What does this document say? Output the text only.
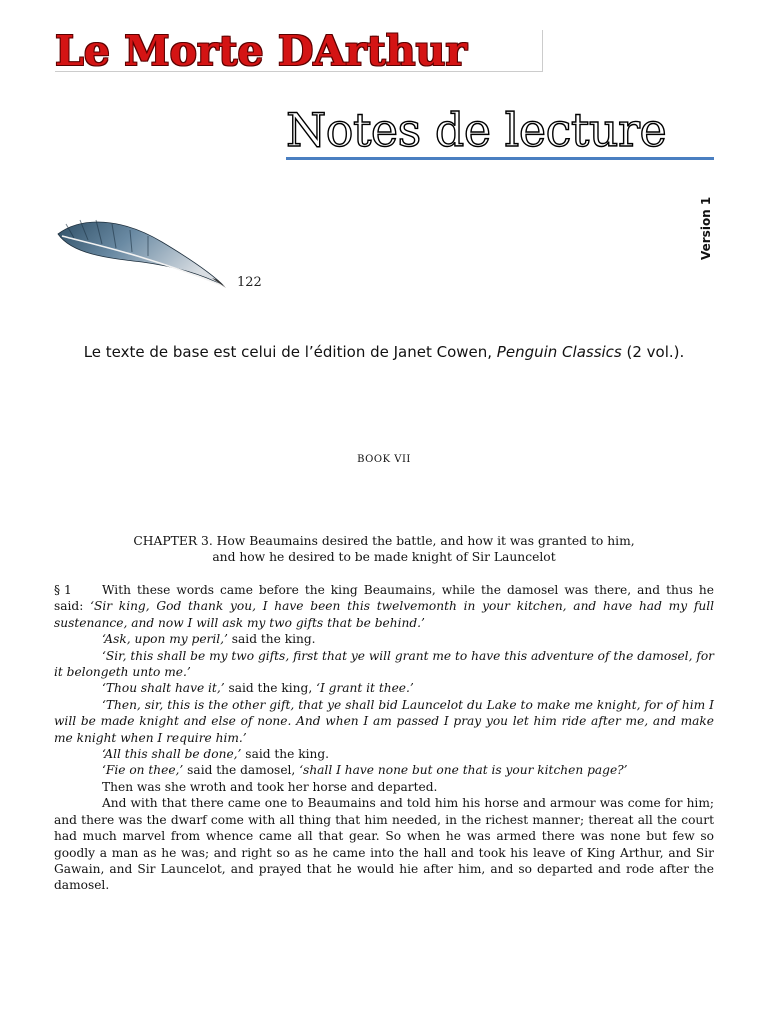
Le Morte DArthur
Notes de lecture
Version 1
122
Le texte de base est celui de l’édition de Janet Cowen, Penguin Classics (2 vol.).
BOOK VII
CHAPTER 3. How Beaumains desired the battle, and how it was granted to him,
and how he desired to be made knight of Sir Launcelot

§ 1 With these words came before the king Beaumains, while the damosel was there, and thus he said: ‘Sir king, God thank you, I have been this twelvemonth in your kitchen, and have had my full sustenance, and now I will ask my two gifts that be behind.’

‘Ask, upon my peril,’ said the king.

‘Sir, this shall be my two gifts, first that ye will grant me to have this adventure of the damosel, for it belongeth unto me.’

‘Thou shalt have it,’ said the king, ‘I grant it thee.’

‘Then, sir, this is the other gift, that ye shall bid Launcelot du Lake to make me knight, for of him I will be made knight and else of none. And when I am passed I pray you let him ride after me, and make me knight when I require him.’

‘All this shall be done,’ said the king.

‘Fie on thee,’ said the damosel, ‘shall I have none but one that is your kitchen page?’

Then was she wroth and took her horse and departed.

And with that there came one to Beaumains and told him his horse and armour was come for him; and there was the dwarf come with all thing that him needed, in the richest manner; thereat all the court had much marvel from whence came all that gear. So when he was armed there was none but few so goodly a man as he was; and right so as he came into the hall and took his leave of King Arthur, and Sir Gawain, and Sir Launcelot, and prayed that he would hie after him, and so departed and rode after the damosel.
